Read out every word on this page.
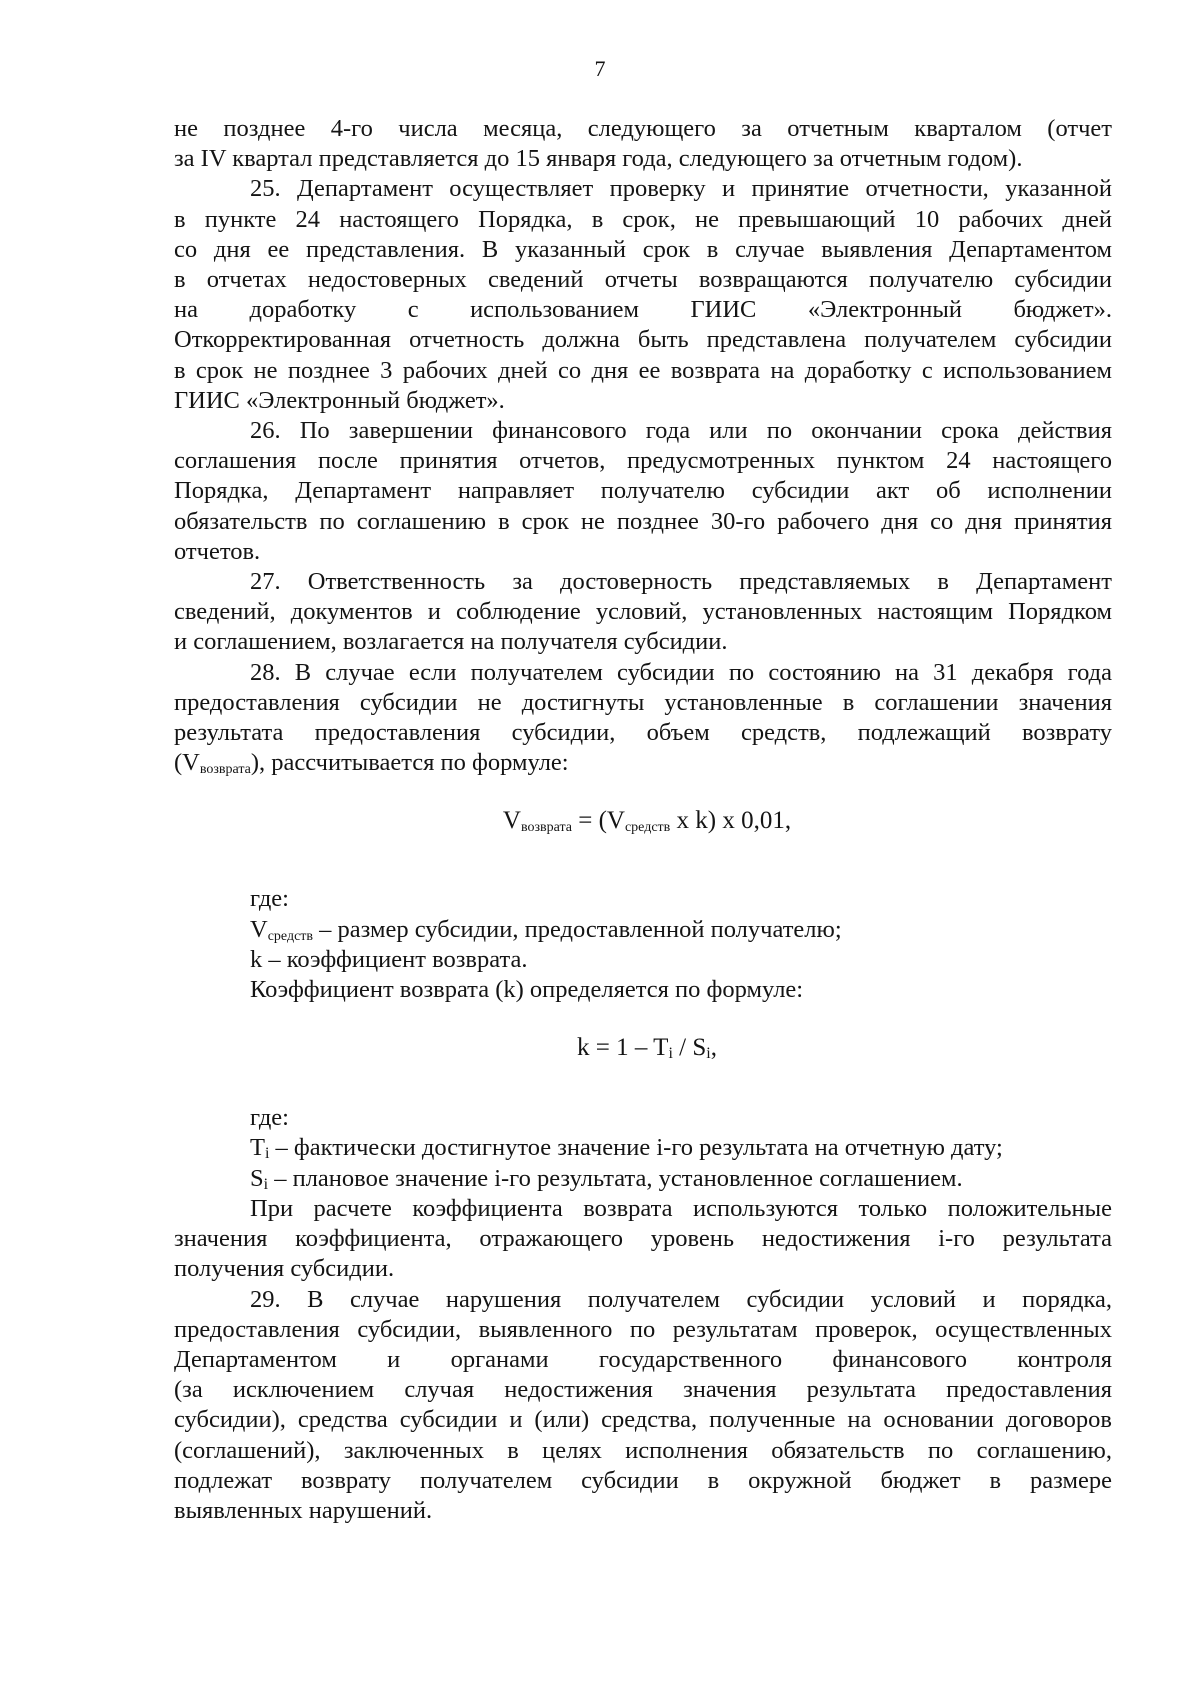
7

не позднее 4-го числа месяца, следующего за отчетным кварталом (отчет
за IV квартал представляется до 15 января года, следующего за отчетным годом).

25. Департамент осуществляет проверку и принятие отчетности, указанной
в пункте 24 настоящего Порядка, в срок, не превышающий 10 рабочих дней
со дня ее представления. В указанный срок в случае выявления Департаментом
в отчетах недостоверных сведений отчеты возвращаются получателю субсидии
на доработку с использованием ГИИС «Электронный бюджет».
Откорректированная отчетность должна быть представлена получателем субсидии
в срок не позднее 3 рабочих дней со дня ее возврата на доработку с использованием
ГИИС «Электронный бюджет».

26. По завершении финансового года или по окончании срока действия
соглашения после принятия отчетов, предусмотренных пунктом 24 настоящего
Порядка, Департамент направляет получателю субсидии акт об исполнении
обязательств по соглашению в срок не позднее 30-го рабочего дня со дня принятия
отчетов.

27. Ответственность за достоверность представляемых в Департамент
сведений, документов и соблюдение условий, установленных настоящим Порядком
и соглашением, возлагается на получателя субсидии.

28. В случае если получателем субсидии по состоянию на 31 декабря года
предоставления субсидии не достигнуты установленные в соглашении значения
результата предоставления субсидии, объем средств, подлежащий возврату
$(V_{возврата})$, рассчитывается по формуле:

$V_{возврата} = (V_{средств}$ x k) x 0,01,

где:

$V_{средств}$ – размер субсидии, предоставленной получателю;

k – коэффициент возврата.

Коэффициент возврата (k) определяется по формуле:

$k = 1 - T_i / S_i$,

где:

$T_i$ – фактически достигнутое значение i-го результата на отчетную дату;

$S_i$ – плановое значение i-го результата, установленное соглашением.

При расчете коэффициента возврата используются только положительные
значения коэффициента, отражающего уровень недостижения i-го результата
получения субсидии.

29. В случае нарушения получателем субсидии условий и порядка,
предоставления субсидии, выявленного по результатам проверок, осуществленных
Департаментом и органами государственного финансового контроля
(за исключением случая недостижения значения результата предоставления
субсидии), средства субсидии и (или) средства, полученные на основании договоров
(соглашений), заключенных в целях исполнения обязательств по соглашению,
подлежат возврату получателем субсидии в окружной бюджет в размере
выявленных нарушений.
